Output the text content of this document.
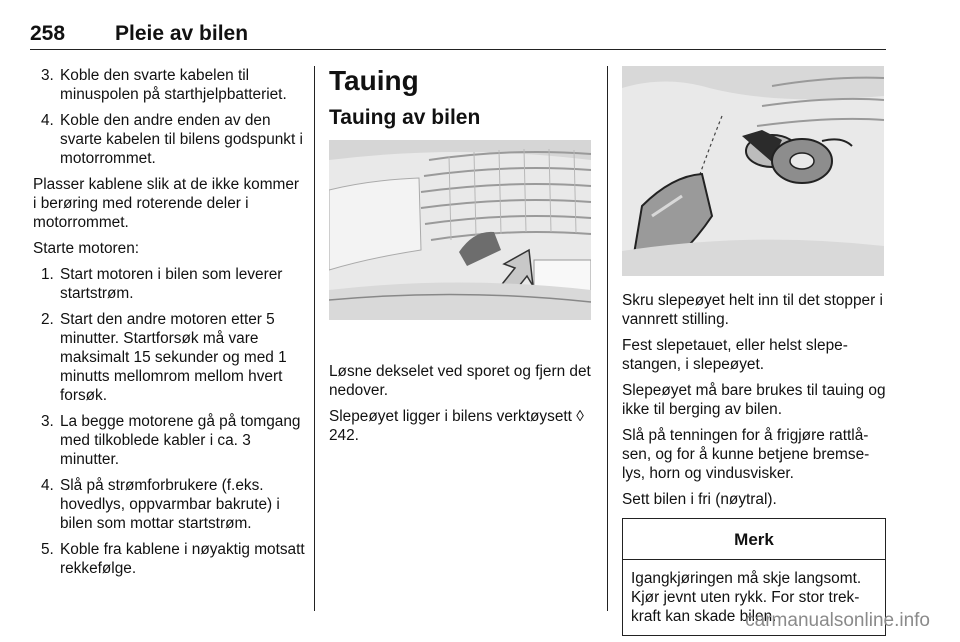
258 Pleie av bilen
3. Koble den svarte kabelen til minuspolen på starthjelpbatteriet.
4. Koble den andre enden av den svarte kabelen til bilens godspunkt i motorrommet.

Plasser kablene slik at de ikke kommer i berøring med roterende deler i motorrommet.

Starte motoren:

1. Start motoren i bilen som leverer startstrøm.
2. Start den andre motoren etter 5 minutter. Startforsøk må vare maksimalt 15 sekunder og med 1 minutts mellomrom mellom hvert forsøk.
3. La begge motorene gå på tomgang med tilkoblede kabler i ca. 3 minutter.
4. Slå på strømforbrukere (f.eks. hovedlys, oppvarmbar bakrute) i bilen som mottar startstrøm.
5. Koble fra kablene i nøyaktig motsatt rekkefølge.
Tauing
Tauing av bilen

Løsne dekselet ved sporet og fjern det nedover.

Slepeøyet ligger i bilens verktøysett ◊ 242.

Skru slepeøyet helt inn til det stopper i vannrett stilling.

Fest slepetauet, eller helst slepestangen, i slepeøyet.

Slepeøyet må bare brukes til tauing og ikke til berging av bilen.

Slå på tenningen for å frigjøre rattlåsen, og for å kunne betjene bremselys, horn og vindusvisker.

Sett bilen i fri (nøytral).

Merk
Igangkjøringen må skje langsomt. Kjør jevnt uten rykk. For stor trekkraft kan skade bilen.
carmanualsonline.info
